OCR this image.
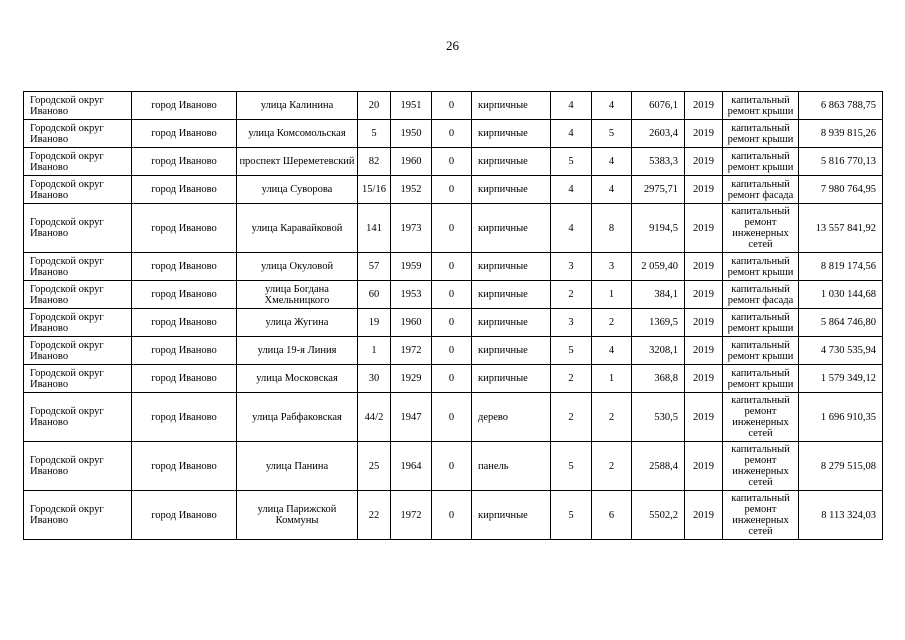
26
Городской округ Иваново	город Иваново	улица Калинина	20	1951	0	кирпичные	4	4	6076,1	2019	капитальный ремонт крыши	6 863 788,75
Городской округ Иваново	город Иваново	улица Комсомольская	5	1950	0	кирпичные	4	5	2603,4	2019	капитальный ремонт крыши	8 939 815,26
Городской округ Иваново	город Иваново	проспект Шереметевский	82	1960	0	кирпичные	5	4	5383,3	2019	капитальный ремонт крыши	5 816 770,13
Городской округ Иваново	город Иваново	улица Суворова	15/16	1952	0	кирпичные	4	4	2975,71	2019	капитальный ремонт фасада	7 980 764,95
Городской округ Иваново	город Иваново	улица Каравайковой	141	1973	0	кирпичные	4	8	9194,5	2019	капитальный ремонт инженерных сетей	13 557 841,92
Городской округ Иваново	город Иваново	улица Окуловой	57	1959	0	кирпичные	3	3	2 059,40	2019	капитальный ремонт крыши	8 819 174,56
Городской округ Иваново	город Иваново	улица Богдана Хмельницкого	60	1953	0	кирпичные	2	1	384,1	2019	капитальный ремонт фасада	1 030 144,68
Городской округ Иваново	город Иваново	улица Жугина	19	1960	0	кирпичные	3	2	1369,5	2019	капитальный ремонт крыши	5 864 746,80
Городской округ Иваново	город Иваново	улица 19-я Линия	1	1972	0	кирпичные	5	4	3208,1	2019	капитальный ремонт крыши	4 730 535,94
Городской округ Иваново	город Иваново	улица Московская	30	1929	0	кирпичные	2	1	368,8	2019	капитальный ремонт крыши	1 579 349,12
Городской округ Иваново	город Иваново	улица Рабфаковская	44/2	1947	0	дерево	2	2	530,5	2019	капитальный ремонт инженерных сетей	1 696 910,35
Городской округ Иваново	город Иваново	улица Панина	25	1964	0	панель	5	2	2588,4	2019	капитальный ремонт инженерных сетей	8 279 515,08
Городской округ Иваново	город Иваново	улица Парижской Коммуны	22	1972	0	кирпичные	5	6	5502,2	2019	капитальный ремонт инженерных сетей	8 113 324,03
